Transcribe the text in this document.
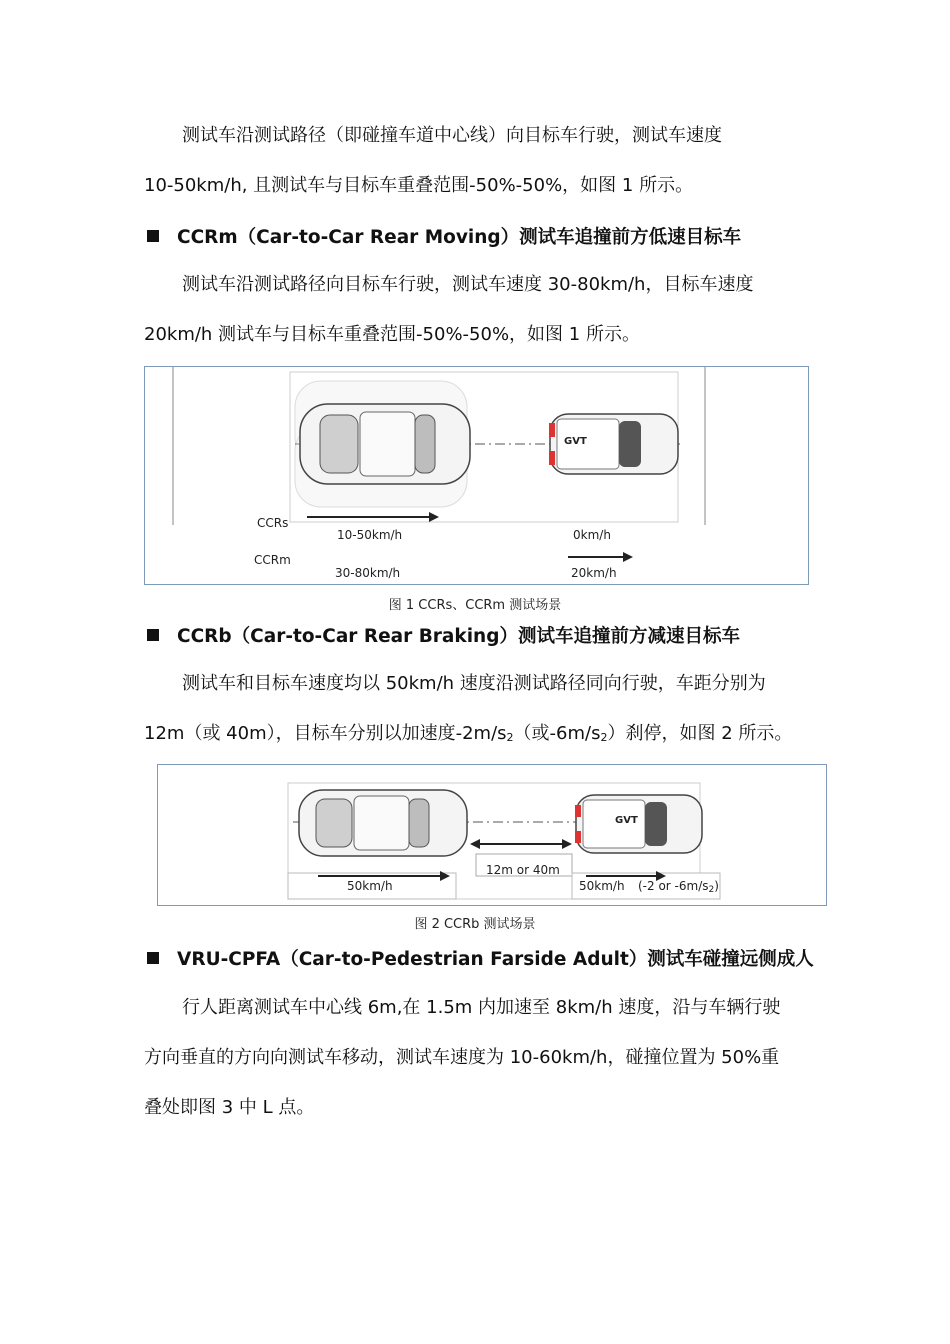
测试车沿测试路径（即碰撞车道中心线）向目标车行驶，测试车速度
10-50km/h, 且测试车与目标车重叠范围-50%-50%，如图 1 所示。
CCRm（Car-to-Car Rear Moving）测试车追撞前方低速目标车
测试车沿测试路径向目标车行驶，测试车速度 30-80km/h，目标车速度
20km/h 测试车与目标车重叠范围-50%-50%，如图 1 所示。
GVT
CCRs
10-50km/h	0km/h
CCRm
30-80km/h	20km/h
图 1 CCRs、CCRm 测试场景
CCRb（Car-to-Car Rear Braking）测试车追撞前方减速目标车
测试车和目标车速度均以 50km/h 速度沿测试路径同向行驶，车距分别为
12m（或 40m），目标车分别以加速度$-2m/s_2$（或$-6m/s_2$）刹停，如图 2 所示。
GVT
12m or 40m
50km/h	50km/h (-2 or $-6m/s_2$)
图 2 CCRb 测试场景
VRU-CPFA（Car-to-Pedestrian Farside Adult）测试车碰撞远侧成人
行人距离测试车中心线 6m,在 1.5m 内加速至 8km/h 速度，沿与车辆行驶
方向垂直的方向向测试车移动，测试车速度为 10-60km/h，碰撞位置为 50%重
叠处即图 3 中 L 点。
